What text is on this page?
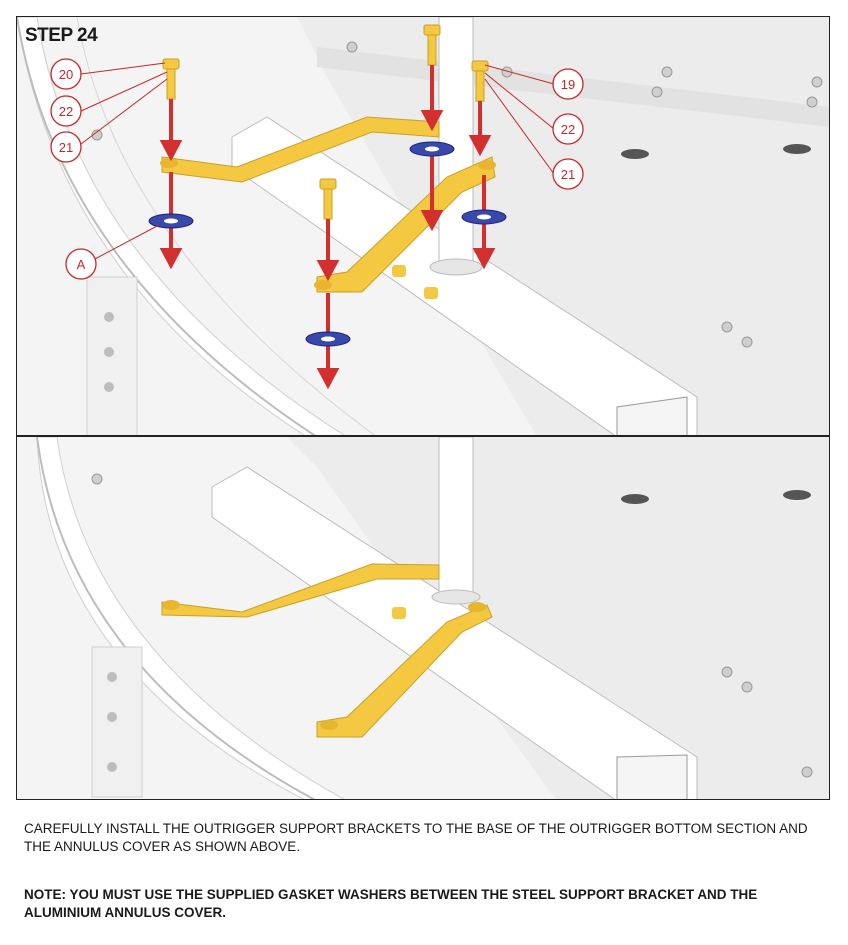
20
22
21
19
22
21
A
STEP 24
CAREFULLY INSTALL THE OUTRIGGER SUPPORT BRACKETS TO THE BASE OF THE OUTRIGGER BOTTOM SECTION AND THE ANNULUS COVER AS SHOWN ABOVE.
NOTE: YOU MUST USE THE SUPPLIED GASKET WASHERS BETWEEN THE STEEL SUPPORT BRACKET AND THE ALUMINIUM ANNULUS COVER.
